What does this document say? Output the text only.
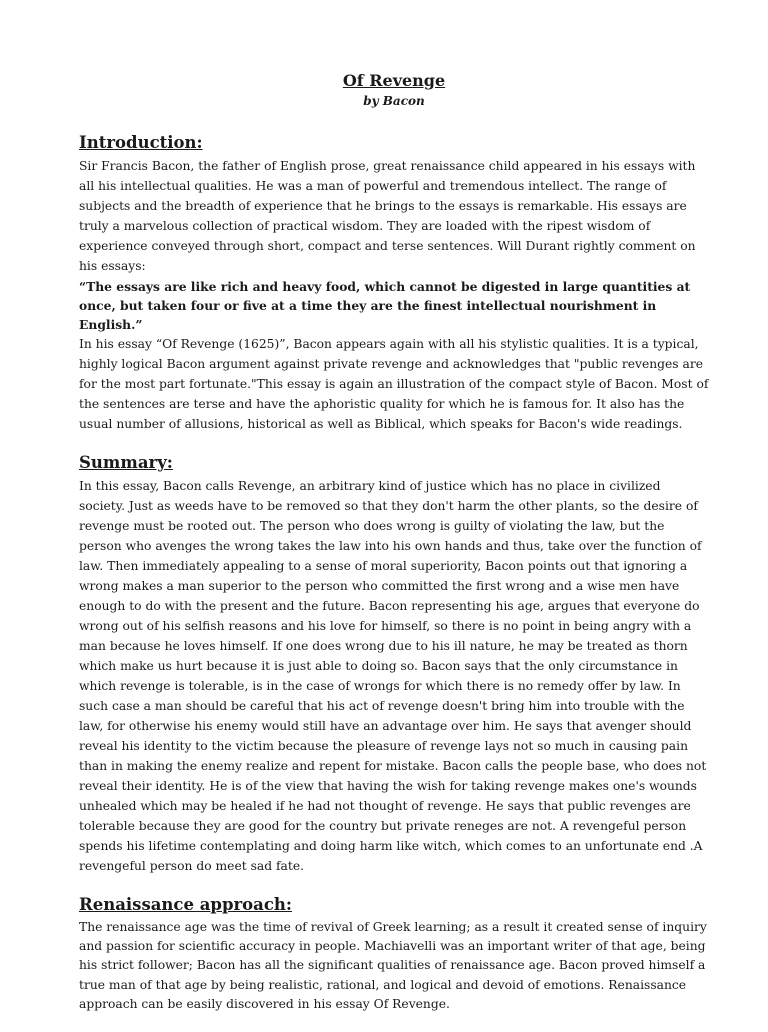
Of Revenge

by Bacon

Introduction:

Sir Francis Bacon, the father of English prose, great renaissance child appeared in his essays with all his intellectual qualities. He was a man of powerful and tremendous intellect. The range of subjects and the breadth of experience that he brings to the essays is remarkable. His essays are truly a marvelous collection of practical wisdom. They are loaded with the ripest wisdom of experience conveyed through short, compact and terse sentences. Will Durant rightly comment on his essays:

“The essays are like rich and heavy food, which cannot be digested in large quantities at once, but taken four or five at a time they are the finest intellectual nourishment in English.”

In his essay “Of Revenge (1625)”, Bacon appears again with all his stylistic qualities. It is a typical, highly logical Bacon argument against private revenge and acknowledges that "public revenges are for the most part fortunate."This essay is again an illustration of the compact style of Bacon. Most of the sentences are terse and have the aphoristic quality for which he is famous for. It also has the usual number of allusions, historical as well as Biblical, which speaks for Bacon's wide readings.

Summary:

In this essay, Bacon calls Revenge, an arbitrary kind of justice which has no place in civilized society. Just as weeds have to be removed so that they don't harm the other plants, so the desire of revenge must be rooted out. The person who does wrong is guilty of violating the law, but the person who avenges the wrong takes the law into his own hands and thus, take over the function of law. Then immediately appealing to a sense of moral superiority, Bacon points out that ignoring a wrong makes a man superior to the person who committed the first wrong and a wise men have enough to do with the present and the future. Bacon representing his age, argues that everyone do wrong out of his selfish reasons and his love for himself, so there is no point in being angry with a man because he loves himself. If one does wrong due to his ill nature, he may be treated as thorn which make us hurt because it is just able to doing so. Bacon says that the only circumstance in which revenge is tolerable, is in the case of wrongs for which there is no remedy offer by law. In such case a man should be careful that his act of revenge doesn't bring him into trouble with the law, for otherwise his enemy would still have an advantage over him. He says that avenger should reveal his identity to the victim because the pleasure of revenge lays not so much in causing pain than in making the enemy realize and repent for mistake. Bacon calls the people base, who does not reveal their identity. He is of the view that having the wish for taking revenge makes one's wounds unhealed which may be healed if he had not thought of revenge. He says that public revenges are tolerable because they are good for the country but private reneges are not. A revengeful person spends his lifetime contemplating and doing harm like witch, which comes to an unfortunate end .A revengeful person do meet sad fate.

Renaissance approach:

The renaissance age was the time of revival of Greek learning; as a result it created sense of inquiry and passion for scientific accuracy in people. Machiavelli was an important writer of that age, being his strict follower; Bacon has all the significant qualities of renaissance age. Bacon proved himself a true man of that age by being realistic, rational, and logical and devoid of emotions. Renaissance approach can be easily discovered in his essay Of Revenge.
